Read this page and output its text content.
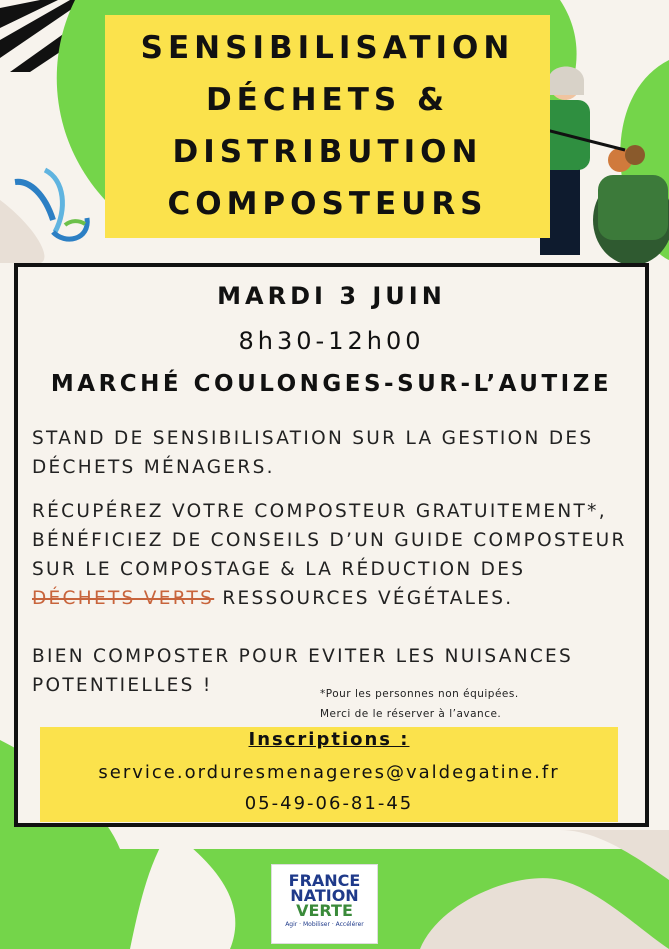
SENSIBILISATION
DÉCHETS &
DISTRIBUTION
COMPOSTEURS
MARDI 3 JUIN
8h30-12h00
MARCHÉ COULONGES-SUR-L’AUTIZE
STAND DE SENSIBILISATION SUR LA GESTION DES DÉCHETS MÉNAGERS.
RÉCUPÉREZ VOTRE COMPOSTEUR GRATUITEMENT*,
BÉNÉFICIEZ DE CONSEILS D’UN GUIDE COMPOSTEUR
SUR LE COMPOSTAGE & LA RÉDUCTION DES
DÉCHETS VERTS RESSOURCES VÉGÉTALES.
BIEN COMPOSTER POUR EVITER LES NUISANCES
POTENTIELLES !	*Pour les personnes non équipées.
Merci de le réserver à l’avance.
Inscriptions :
service.orduresmenageres@valdegatine.fr
05-49-06-81-45
FRANCE
NATION
VERTE
Agir · Mobiliser · Accélérer
